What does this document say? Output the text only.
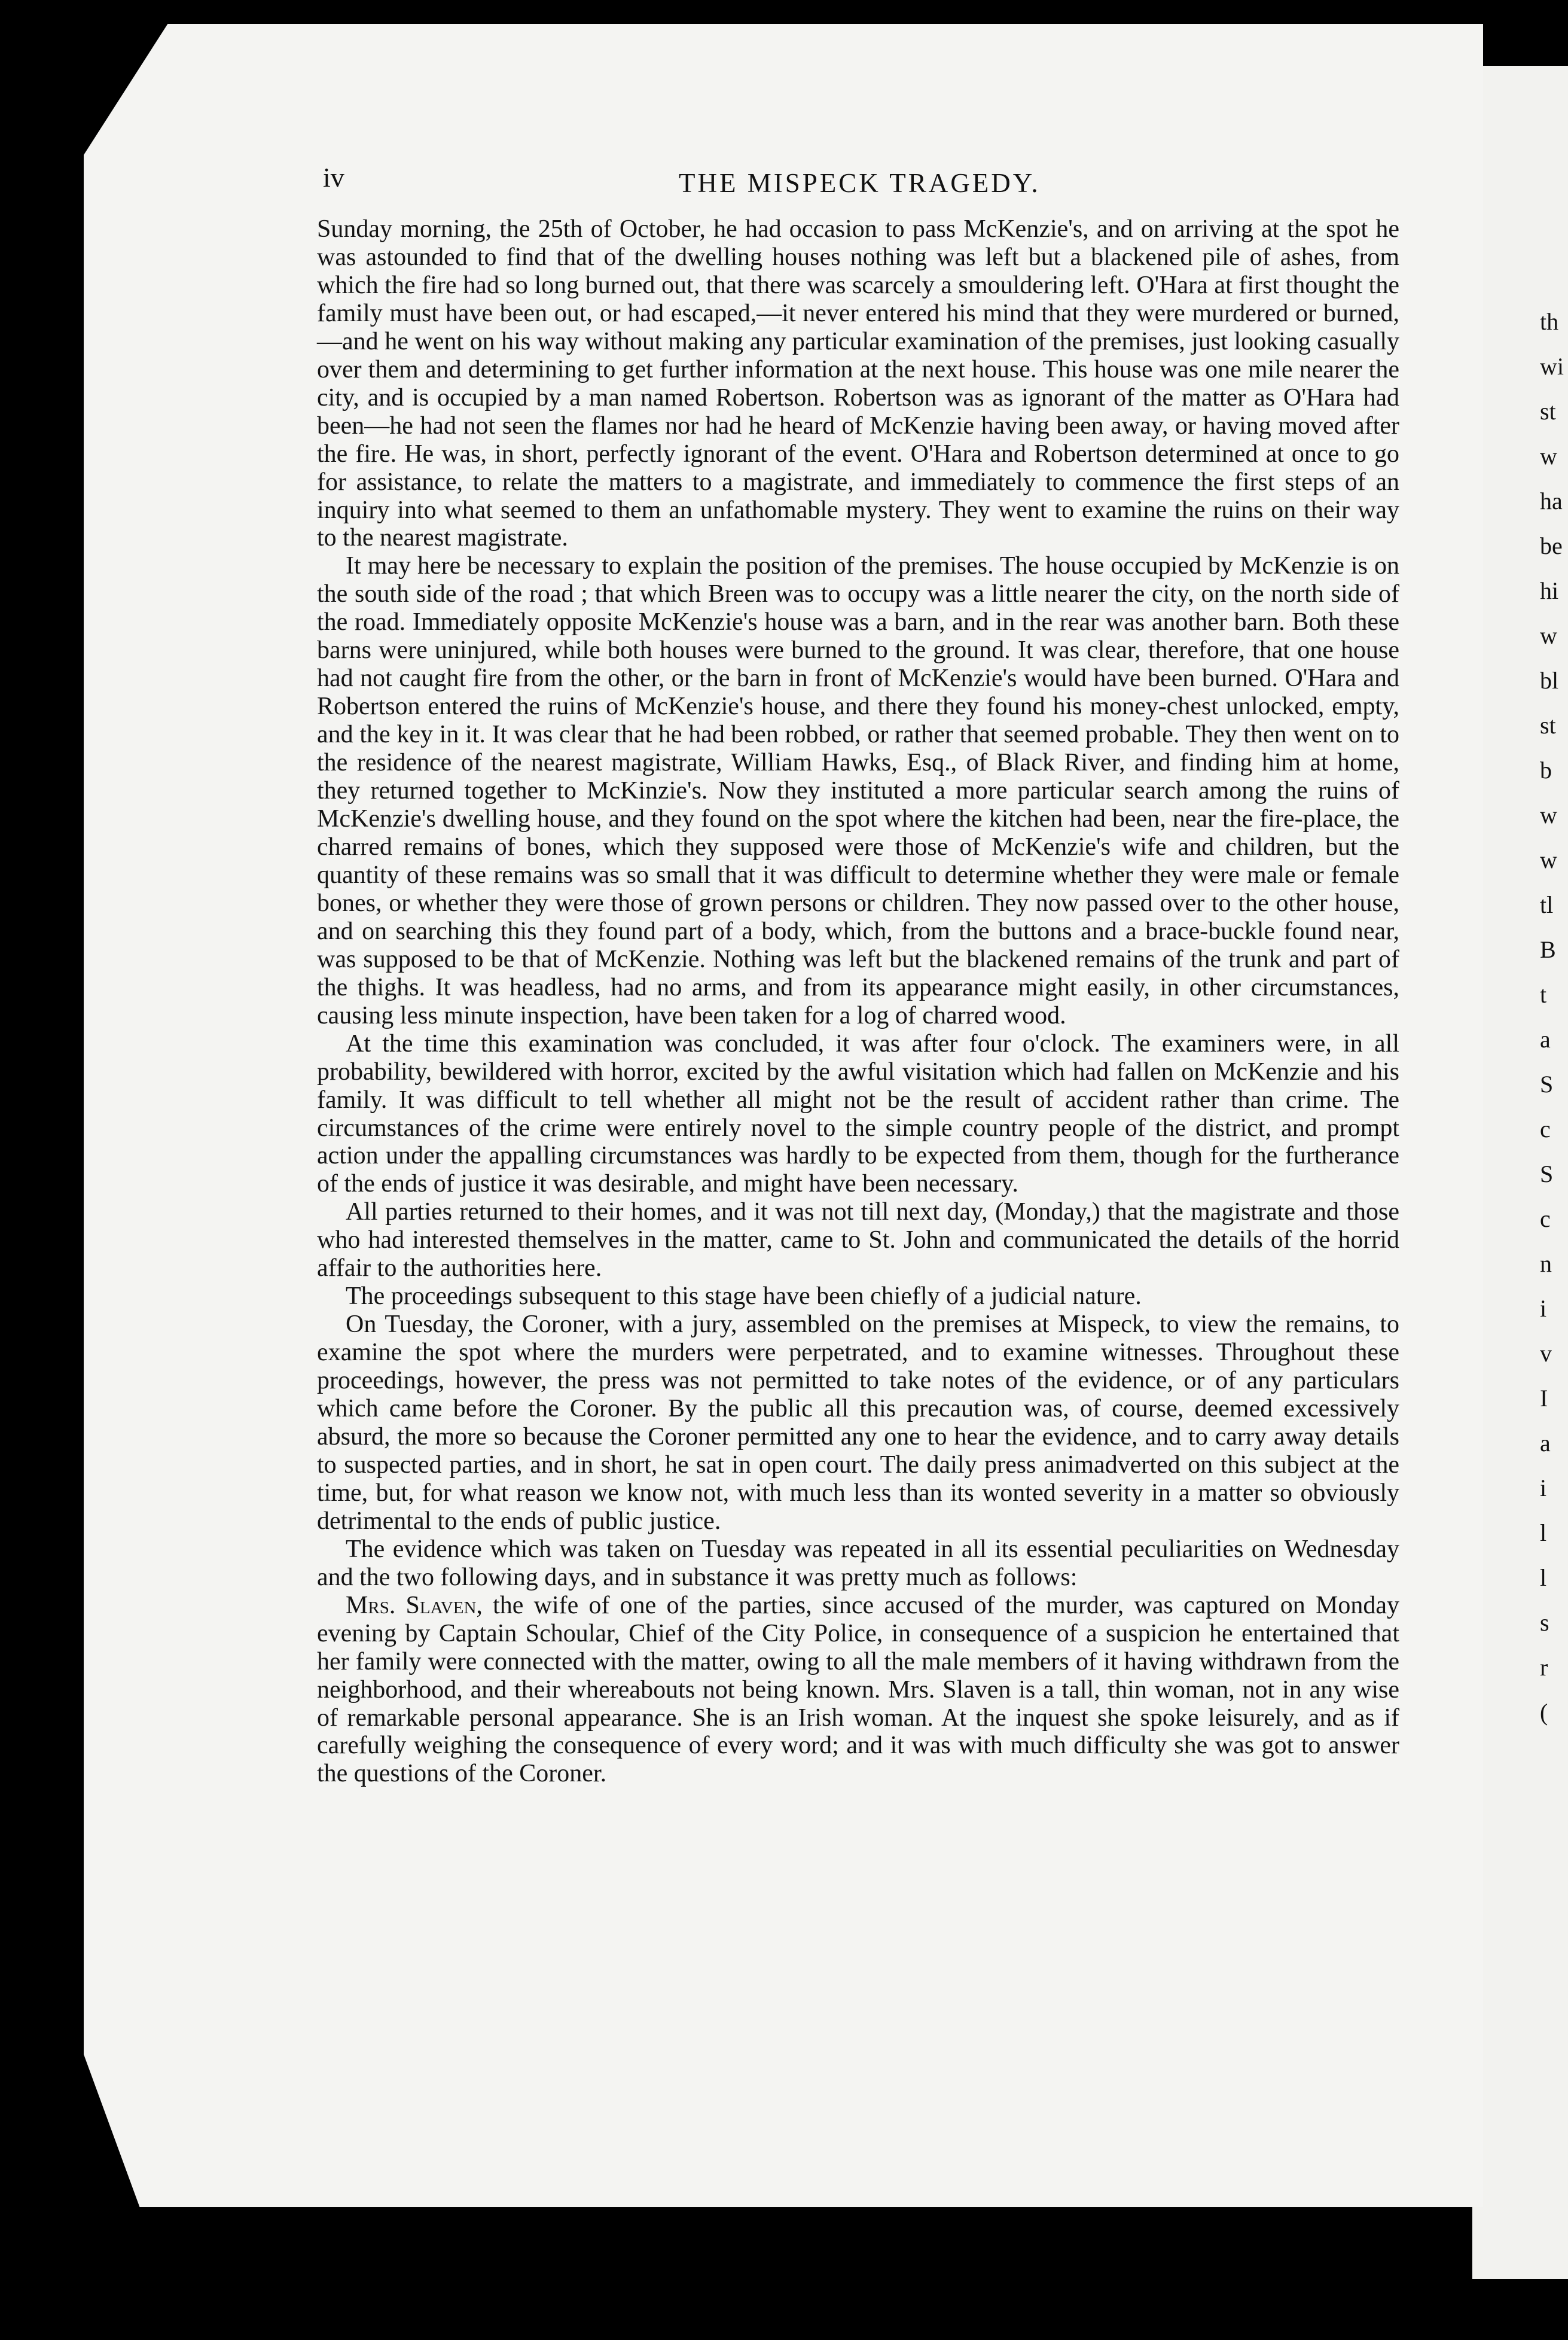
th
wi
st
w
ha
be
hi
w
bl
st
b
w
w
tl
B
t
a
S
c
S
c
n
i
v
I
a
i
l
l
s
r
(
iv	THE MISPECK TRAGEDY.

Sunday morning, the 25th of October, he had occasion to pass McKenzie's, and on arriving at the spot he was astounded to find that of the dwelling houses nothing was left but a blackened pile of ashes, from which the fire had so long burned out, that there was scarcely a smouldering left. O'Hara at first thought the family must have been out, or had escaped,—it never entered his mind that they were murdered or burned,—and he went on his way without making any particular examination of the premises, just looking casually over them and determining to get further information at the next house. This house was one mile nearer the city, and is occupied by a man named Robertson. Robertson was as ignorant of the matter as O'Hara had been—he had not seen the flames nor had he heard of McKenzie having been away, or having moved after the fire. He was, in short, perfectly ignorant of the event. O'Hara and Robertson determined at once to go for assistance, to relate the matters to a magistrate, and immediately to commence the first steps of an inquiry into what seemed to them an unfathomable mystery. They went to examine the ruins on their way to the nearest magistrate.

It may here be necessary to explain the position of the premises. The house occupied by McKenzie is on the south side of the road ; that which Breen was to occupy was a little nearer the city, on the north side of the road. Immediately opposite McKenzie's house was a barn, and in the rear was another barn. Both these barns were uninjured, while both houses were burned to the ground. It was clear, therefore, that one house had not caught fire from the other, or the barn in front of McKenzie's would have been burned. O'Hara and Robertson entered the ruins of McKenzie's house, and there they found his money-chest unlocked, empty, and the key in it. It was clear that he had been robbed, or rather that seemed probable. They then went on to the residence of the nearest magistrate, William Hawks, Esq., of Black River, and finding him at home, they returned together to McKinzie's. Now they instituted a more particular search among the ruins of McKenzie's dwelling house, and they found on the spot where the kitchen had been, near the fire-place, the charred remains of bones, which they supposed were those of McKenzie's wife and children, but the quantity of these remains was so small that it was difficult to determine whether they were male or female bones, or whether they were those of grown persons or children. They now passed over to the other house, and on searching this they found part of a body, which, from the buttons and a brace-buckle found near, was supposed to be that of McKenzie. Nothing was left but the blackened remains of the trunk and part of the thighs. It was headless, had no arms, and from its appearance might easily, in other circumstances, causing less minute inspection, have been taken for a log of charred wood.

At the time this examination was concluded, it was after four o'clock. The examiners were, in all probability, bewildered with horror, excited by the awful visitation which had fallen on McKenzie and his family. It was difficult to tell whether all might not be the result of accident rather than crime. The circumstances of the crime were entirely novel to the simple country people of the district, and prompt action under the appalling circumstances was hardly to be expected from them, though for the furtherance of the ends of justice it was desirable, and might have been necessary.

All parties returned to their homes, and it was not till next day, (Monday,) that the magistrate and those who had interested themselves in the matter, came to St. John and communicated the details of the horrid affair to the authorities here.

The proceedings subsequent to this stage have been chiefly of a judicial nature.

On Tuesday, the Coroner, with a jury, assembled on the premises at Mispeck, to view the remains, to examine the spot where the murders were perpetrated, and to examine witnesses. Throughout these proceedings, however, the press was not permitted to take notes of the evidence, or of any particulars which came before the Coroner. By the public all this precaution was, of course, deemed excessively absurd, the more so because the Coroner permitted any one to hear the evidence, and to carry away details to suspected parties, and in short, he sat in open court. The daily press animadverted on this subject at the time, but, for what reason we know not, with much less than its wonted severity in a matter so obviously detrimental to the ends of public justice.

The evidence which was taken on Tuesday was repeated in all its essential peculiarities on Wednesday and the two following days, and in substance it was pretty much as follows:

Mrs. Slaven, the wife of one of the parties, since accused of the murder, was captured on Monday evening by Captain Schoular, Chief of the City Police, in consequence of a suspicion he entertained that her family were connected with the matter, owing to all the male members of it having withdrawn from the neighborhood, and their whereabouts not being known. Mrs. Slaven is a tall, thin woman, not in any wise of remarkable personal appearance. She is an Irish woman. At the inquest she spoke leisurely, and as if carefully weighing the consequence of every word; and it was with much difficulty she was got to answer the questions of the Coroner.
